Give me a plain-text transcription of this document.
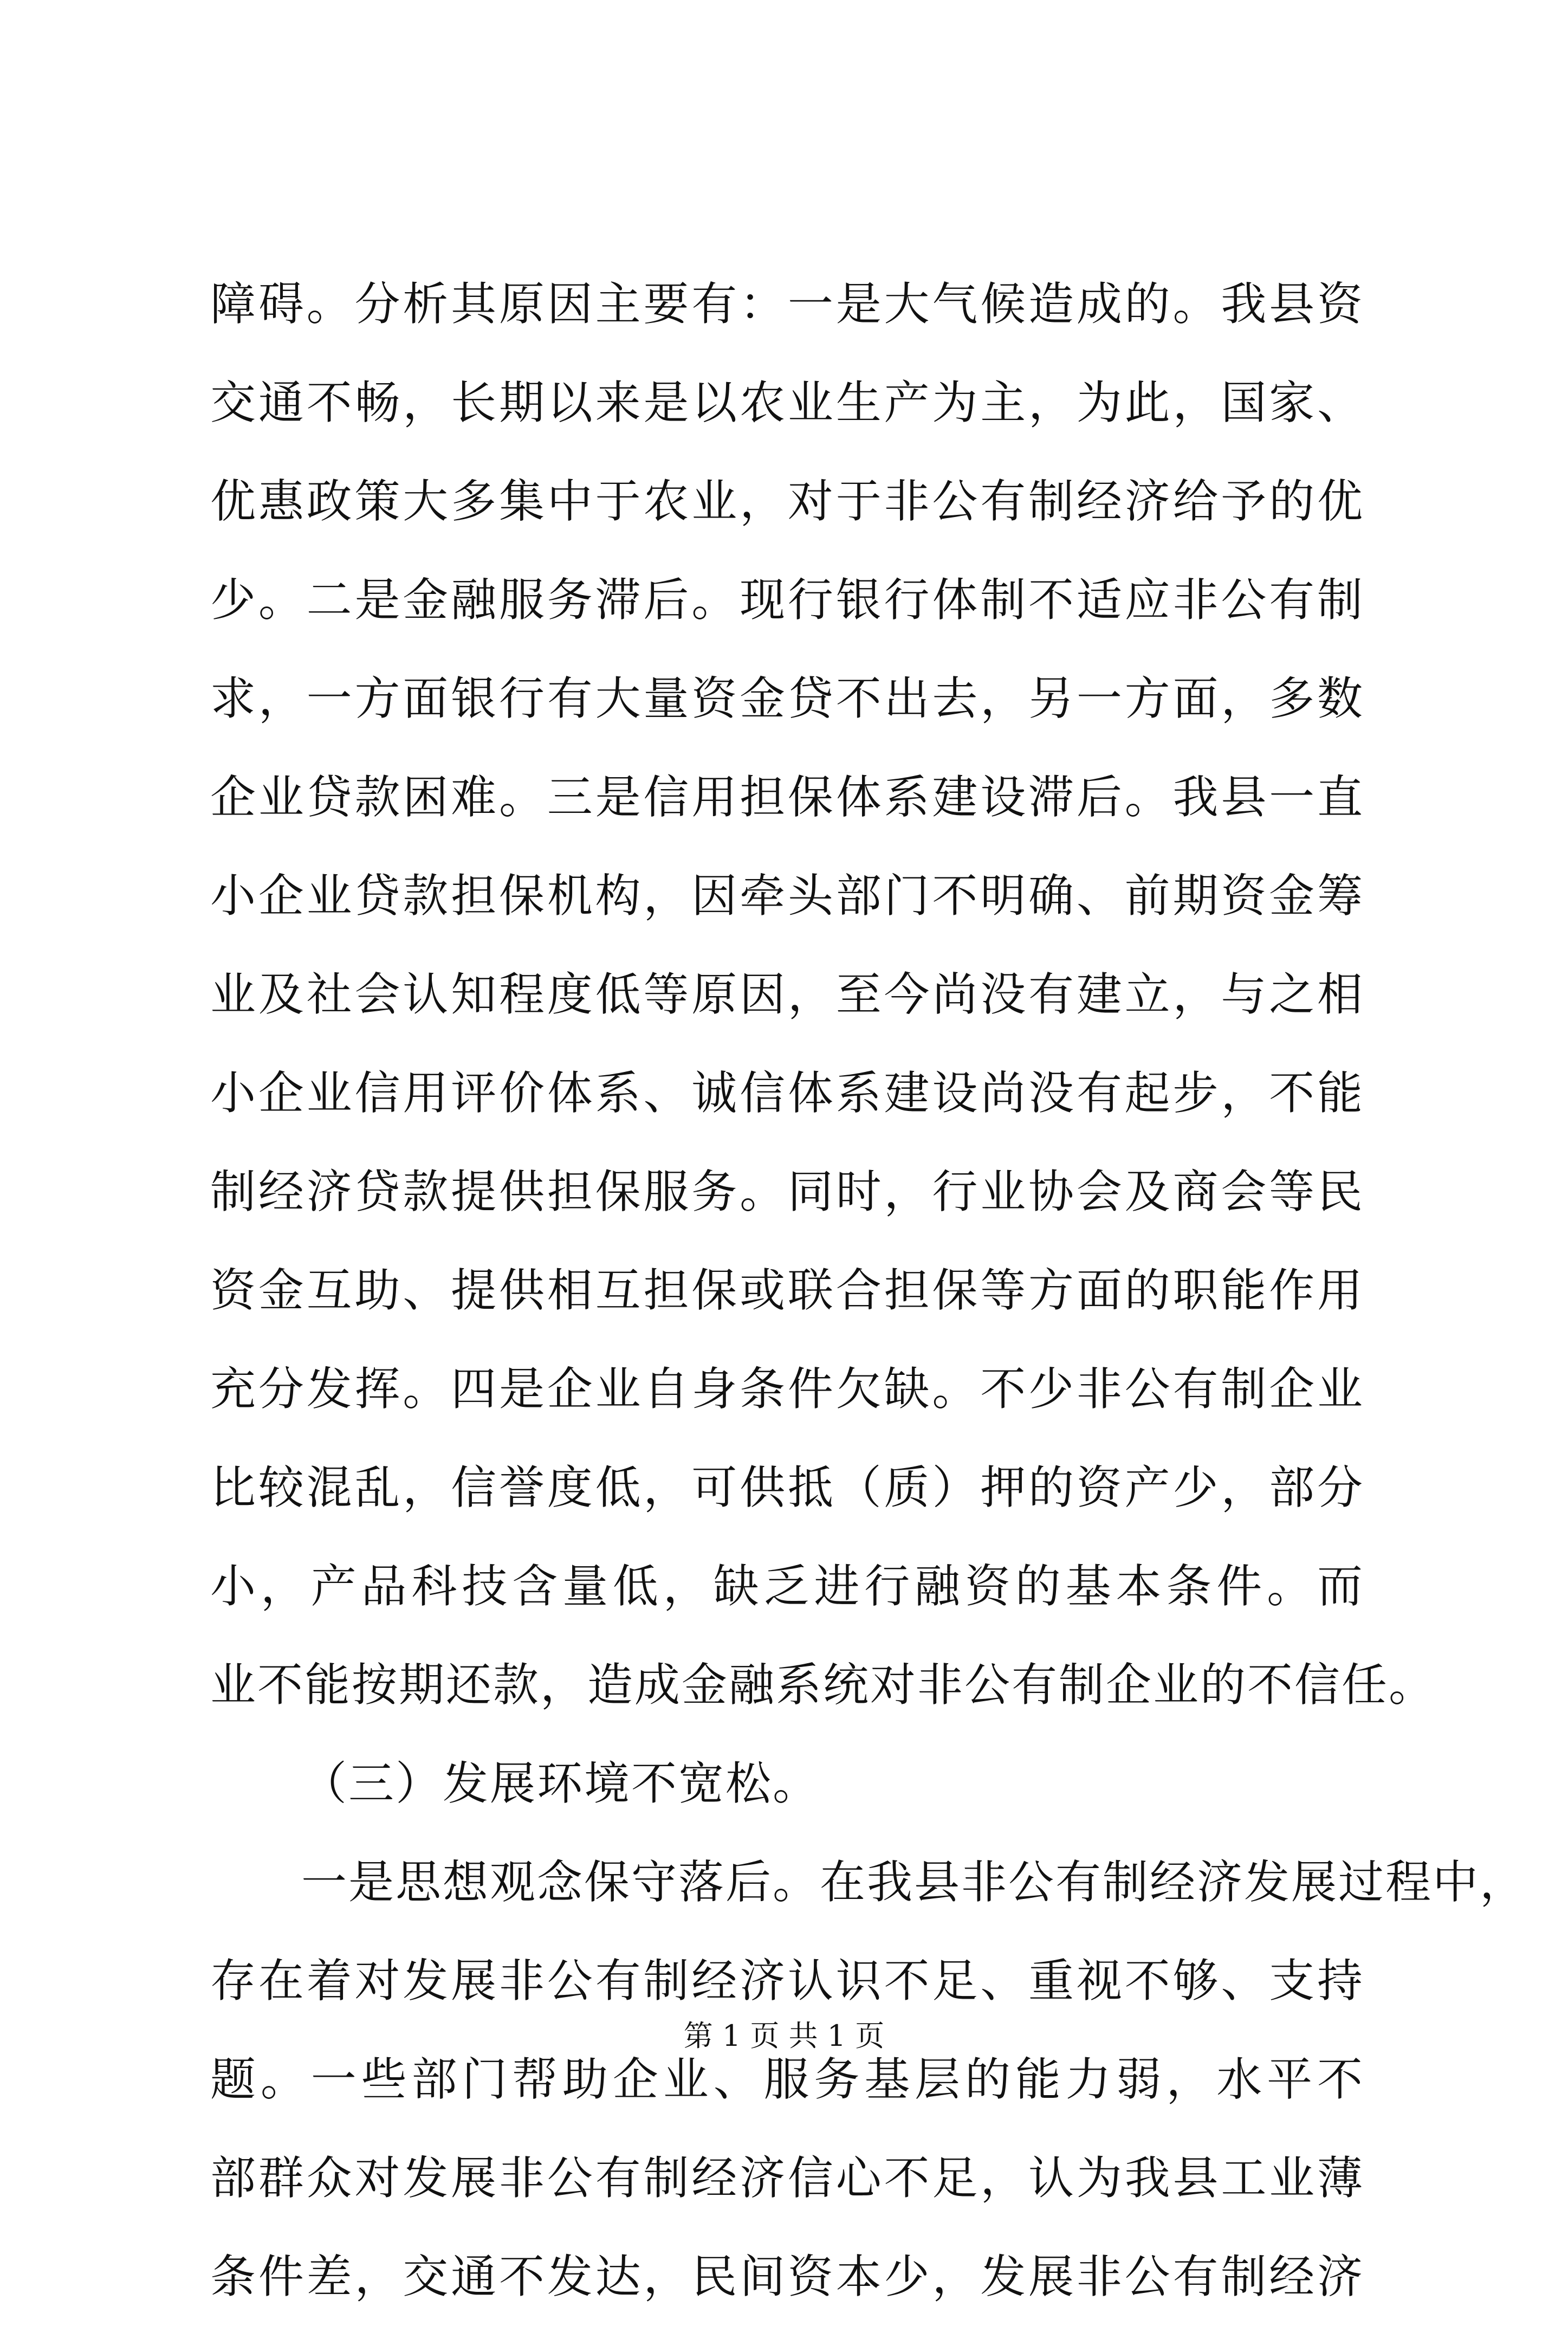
障碍。分析其原因主要有：一是大气候造成的。我县资
交通不畅，长期以来是以农业生产为主，为此，国家、
优惠政策大多集中于农业，对于非公有制经济给予的优
少。二是金融服务滞后。现行银行体制不适应非公有制
求，一方面银行有大量资金贷不出去，另一方面，多数
企业贷款困难。三是信用担保体系建设滞后。我县一直
小企业贷款担保机构，因牵头部门不明确、前期资金筹
业及社会认知程度低等原因，至今尚没有建立，与之相
小企业信用评价体系、诚信体系建设尚没有起步，不能
制经济贷款提供担保服务。同时，行业协会及商会等民
资金互助、提供相互担保或联合担保等方面的职能作用
充分发挥。四是企业自身条件欠缺。不少非公有制企业
比较混乱，信誉度低，可供抵（质）押的资产少，部分
小，产品科技含量低，缺乏进行融资的基本条件。而
业不能按期还款，造成金融系统对非公有制企业的不信任。
（三）发展环境不宽松。
一是思想观念保守落后。在我县非公有制经济发展过程中，
存在着对发展非公有制经济认识不足、重视不够、支持
题。一些部门帮助企业、服务基层的能力弱，水平不
部群众对发展非公有制经济信心不足，认为我县工业薄
条件差，交通不发达，民间资本少，发展非公有制经济
第 1 页 共 1 页
